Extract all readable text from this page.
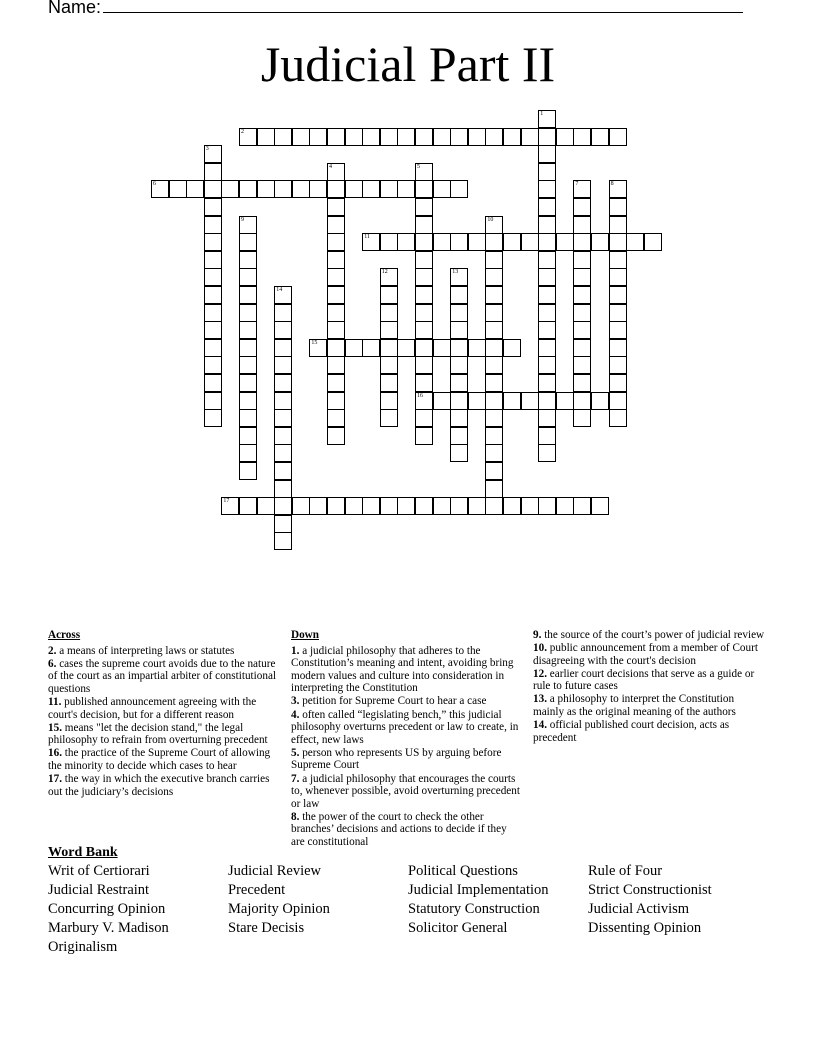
Name:
Judicial Part II
1
2
3
4	5
16
6	7	8
9	10
11
12	13
14
15
17
Across
2. a means of interpreting laws or statutes
6. cases the supreme court avoids due to the nature of the court as an impartial arbiter of constitutional questions
11. published announcement agreeing with the court's decision, but for a different reason
15. means "let the decision stand," the legal philosophy to refrain from overturning precedent
16. the practice of the Supreme Court of allowing the minority to decide which cases to hear
17. the way in which the executive branch carries out the judiciary’s decisions
Down
1. a judicial philosophy that adheres to the Constitution’s meaning and intent, avoiding bring modern values and culture into consideration in interpreting the Constitution
3. petition for Supreme Court to hear a case
4. often called “legislating bench,” this judicial philosophy overturns precedent or law to create, in effect, new laws
5. person who represents US by arguing before Supreme Court
7. a judicial philosophy that encourages the courts to, whenever possible, avoid overturning precedent or law
8. the power of the court to check the other branches’ decisions and actions to decide if they are constitutional
9. the source of the court’s power of judicial review
10. public announcement from a member of Court disagreeing with the court's decision
12. earlier court decisions that serve as a guide or rule to future cases
13. a philosophy to interpret the Constitution mainly as the original meaning of the authors
14. official published court decision, acts as precedent
Word Bank
Writ of Certiorari
Judicial Restraint
Concurring Opinion
Marbury V. Madison
Originalism
Judicial Review
Precedent
Majority Opinion
Stare Decisis
Political Questions
Judicial Implementation
Statutory Construction
Solicitor General
Rule of Four
Strict Constructionist
Judicial Activism
Dissenting Opinion
